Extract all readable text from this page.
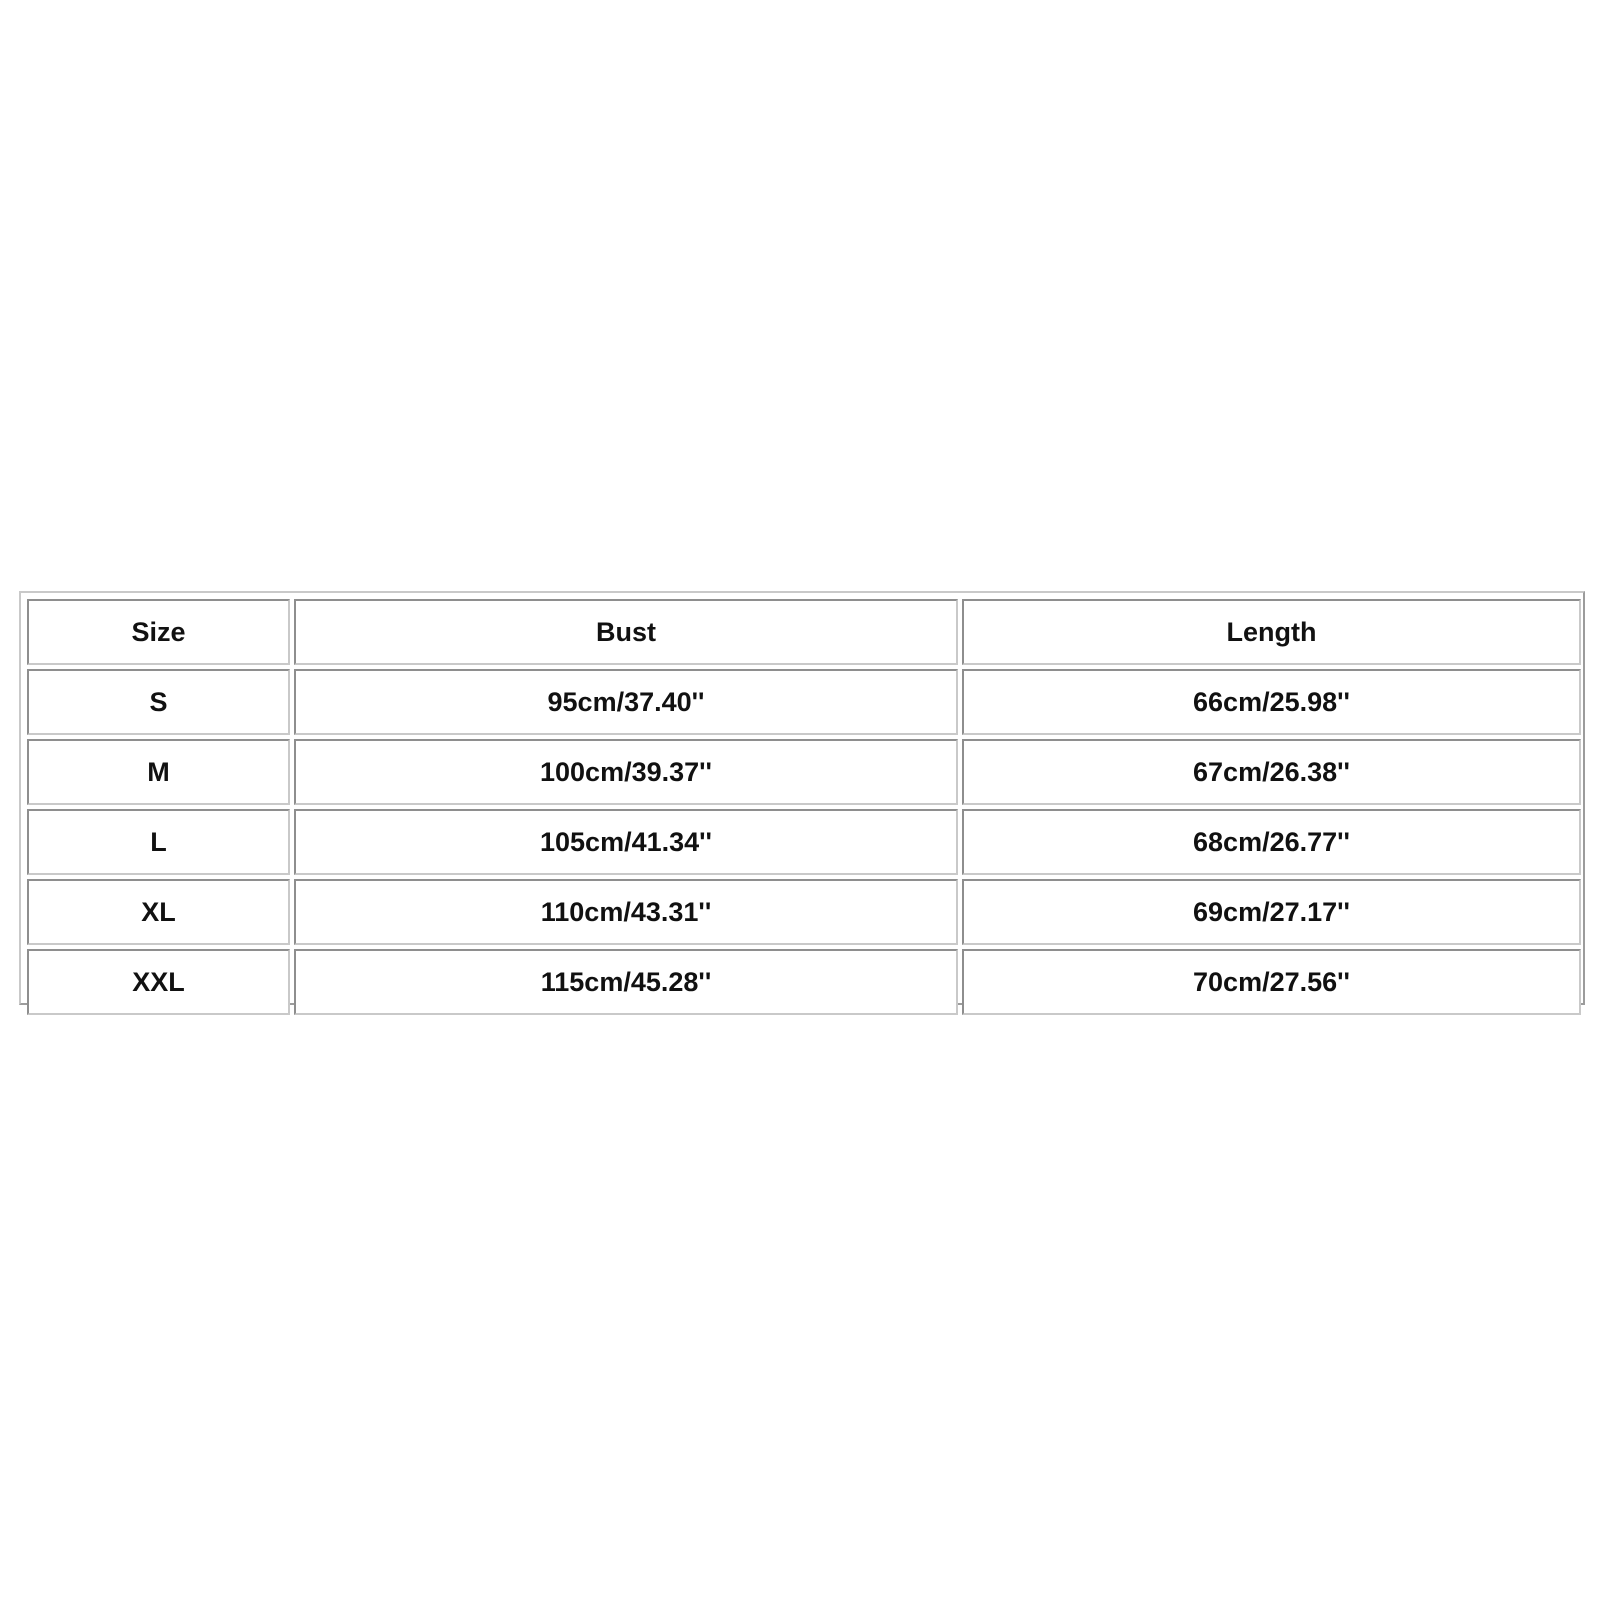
Size	Bust	Length
S	95cm/37.40''	66cm/25.98''
M	100cm/39.37''	67cm/26.38''
L	105cm/41.34''	68cm/26.77''
XL	110cm/43.31''	69cm/27.17''
XXL	115cm/45.28''	70cm/27.56''
